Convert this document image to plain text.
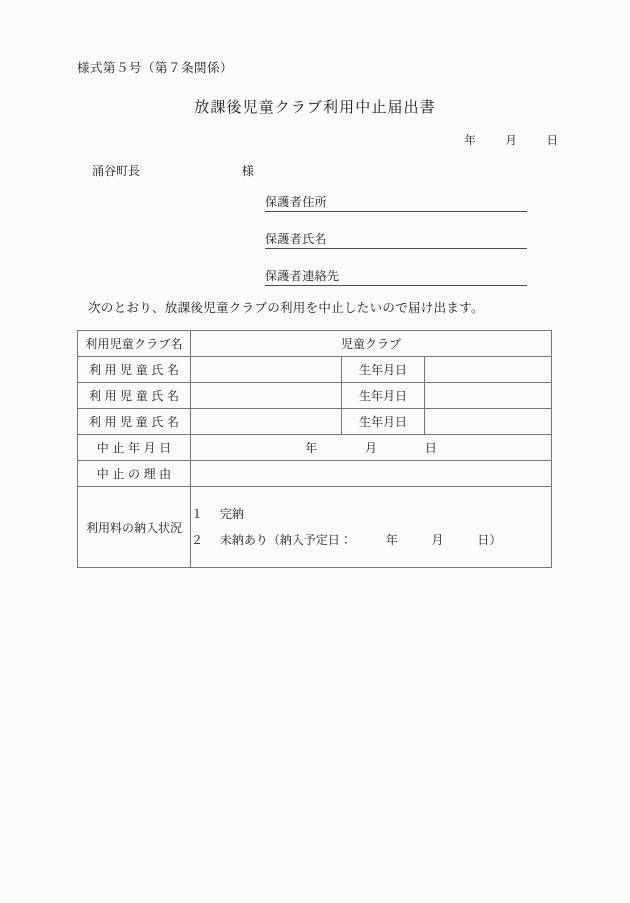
様式第５号（第７条関係）
放課後児童クラブ利用中止届出書
年	月	日
涌谷町長	様
保護者住所
保護者氏名
保護者連絡先
次のとおり、放課後児童クラブの利用を中止したいので届け出ます。
利用児童クラブ名	児童クラブ		
利用児童氏名		生年月日	
利用児童氏名		生年月日	
利用児童氏名		生年月日	
中止年月日	年 月 日		
中止の理由			
利用料の納入状況	１ 完納
２ 未納あり（納入予定日： 年 月 日）		
